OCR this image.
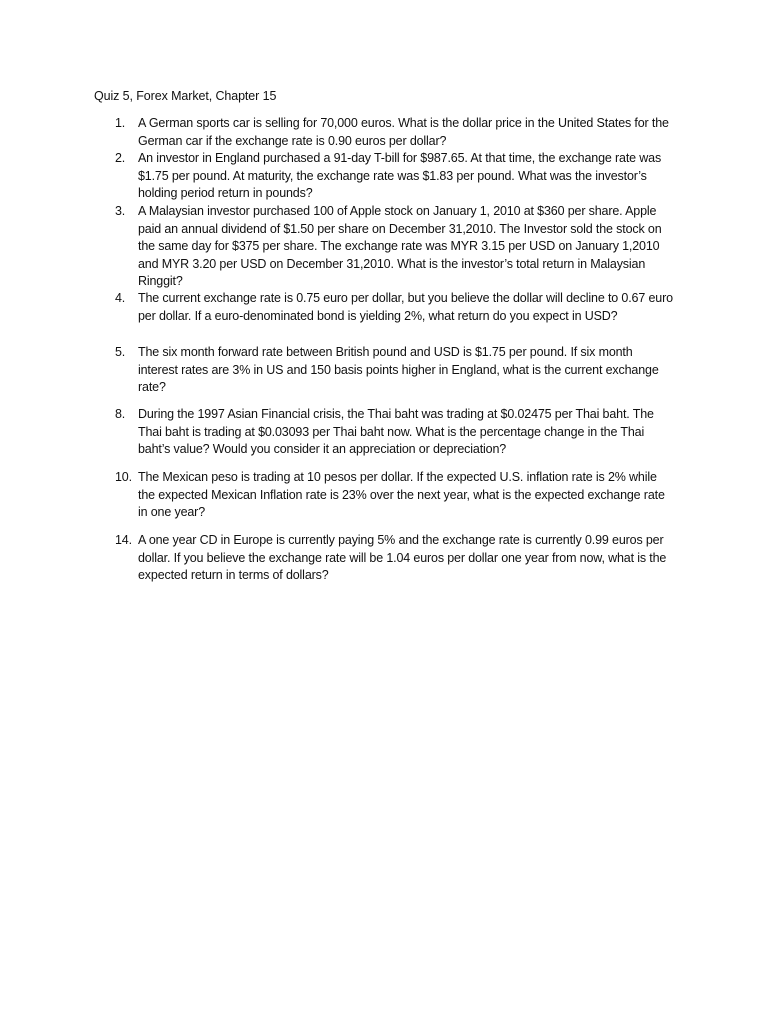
Quiz 5, Forex Market, Chapter 15
1.	A German sports car is selling for 70,000 euros. What is the dollar price in the United States for the German car if the exchange rate is 0.90 euros per dollar?
2.	An investor in England purchased a 91-day T-bill for $987.65. At that time, the exchange rate was $1.75 per pound. At maturity, the exchange rate was $1.83 per pound. What was the investor’s holding period return in pounds?
3.	A Malaysian investor purchased 100 of Apple stock on January 1, 2010 at $360 per share. Apple paid an annual dividend of $1.50 per share on December 31,2010. The Investor sold the stock on the same day for $375 per share. The exchange rate was MYR 3.15 per USD on January 1,2010 and MYR 3.20 per USD on December 31,2010. What is the investor’s total return in Malaysian Ringgit?
4.	The current exchange rate is 0.75 euro per dollar, but you believe the dollar will decline to 0.67 euro per dollar. If a euro-denominated bond is yielding 2%, what return do you expect in USD?
5.	The six month forward rate between British pound and USD is $1.75 per pound. If six month interest rates are 3% in US and 150 basis points higher in England, what is the current exchange rate?
8.	During the 1997 Asian Financial crisis, the Thai baht was trading at $0.02475 per Thai baht. The Thai baht is trading at $0.03093 per Thai baht now. What is the percentage change in the Thai baht’s value? Would you consider it an appreciation or depreciation?
10. The Mexican peso is trading at 10 pesos per dollar. If the expected U.S. inflation rate is 2% while the expected Mexican Inflation rate is 23% over the next year, what is the expected exchange rate in one year?
14. A one year CD in Europe is currently paying 5% and the exchange rate is currently 0.99 euros per dollar. If you believe the exchange rate will be 1.04 euros per dollar one year from now, what is the expected return in terms of dollars?
